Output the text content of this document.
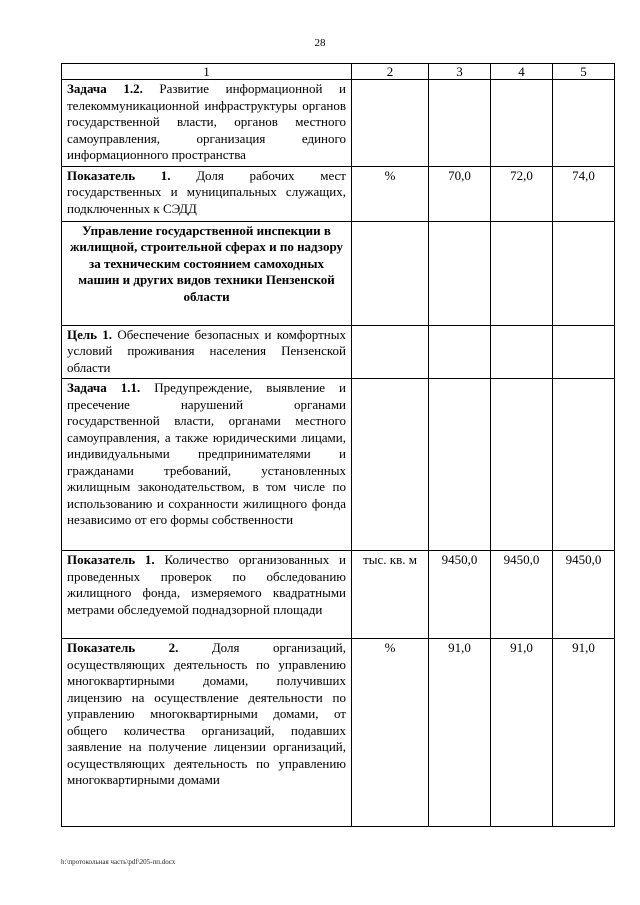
28
1	2	3	4	5
Задача 1.2. Развитие информационной и телекоммуникационной инфраструктуры органов государственной власти, органов местного самоуправления, организация единого информационного пространства				
Показатель 1. Доля рабочих мест государственных и муниципальных служащих, подключенных к СЭДД	%	70,0	72,0	74,0
Управление государственной инспекции в жилищной, строительной сферах и по надзору за техническим состоянием самоходных машин и других видов техники Пензенской области				
Цель 1. Обеспечение безопасных и комфортных условий проживания населения Пензенской области				
Задача 1.1. Предупреждение, выявление и пресечение нарушений органами государственной власти, органами местного самоуправления, а также юридическими лицами, индивидуальными предпринимателями и гражданами требований, установленных жилищным законодательством, в том числе по использованию и сохранности жилищного фонда независимо от его формы собственности				
Показатель 1. Количество организованных и проведенных проверок по обследованию жилищного фонда, измеряемого квадратными метрами обследуемой поднадзорной площади	тыс. кв. м	9450,0	9450,0	9450,0
Показатель 2. Доля организаций, осуществляющих деятельность по управлению многоквартирными домами, получивших лицензию на осуществление деятельности по управлению многоквартирными домами, от общего количества организаций, подавших заявление на получение лицензии организаций, осуществляющих деятельность по управлению многоквартирными домами	%	91,0	91,0	91,0
h:\протокольная часть\pdf\205-пп.docx
